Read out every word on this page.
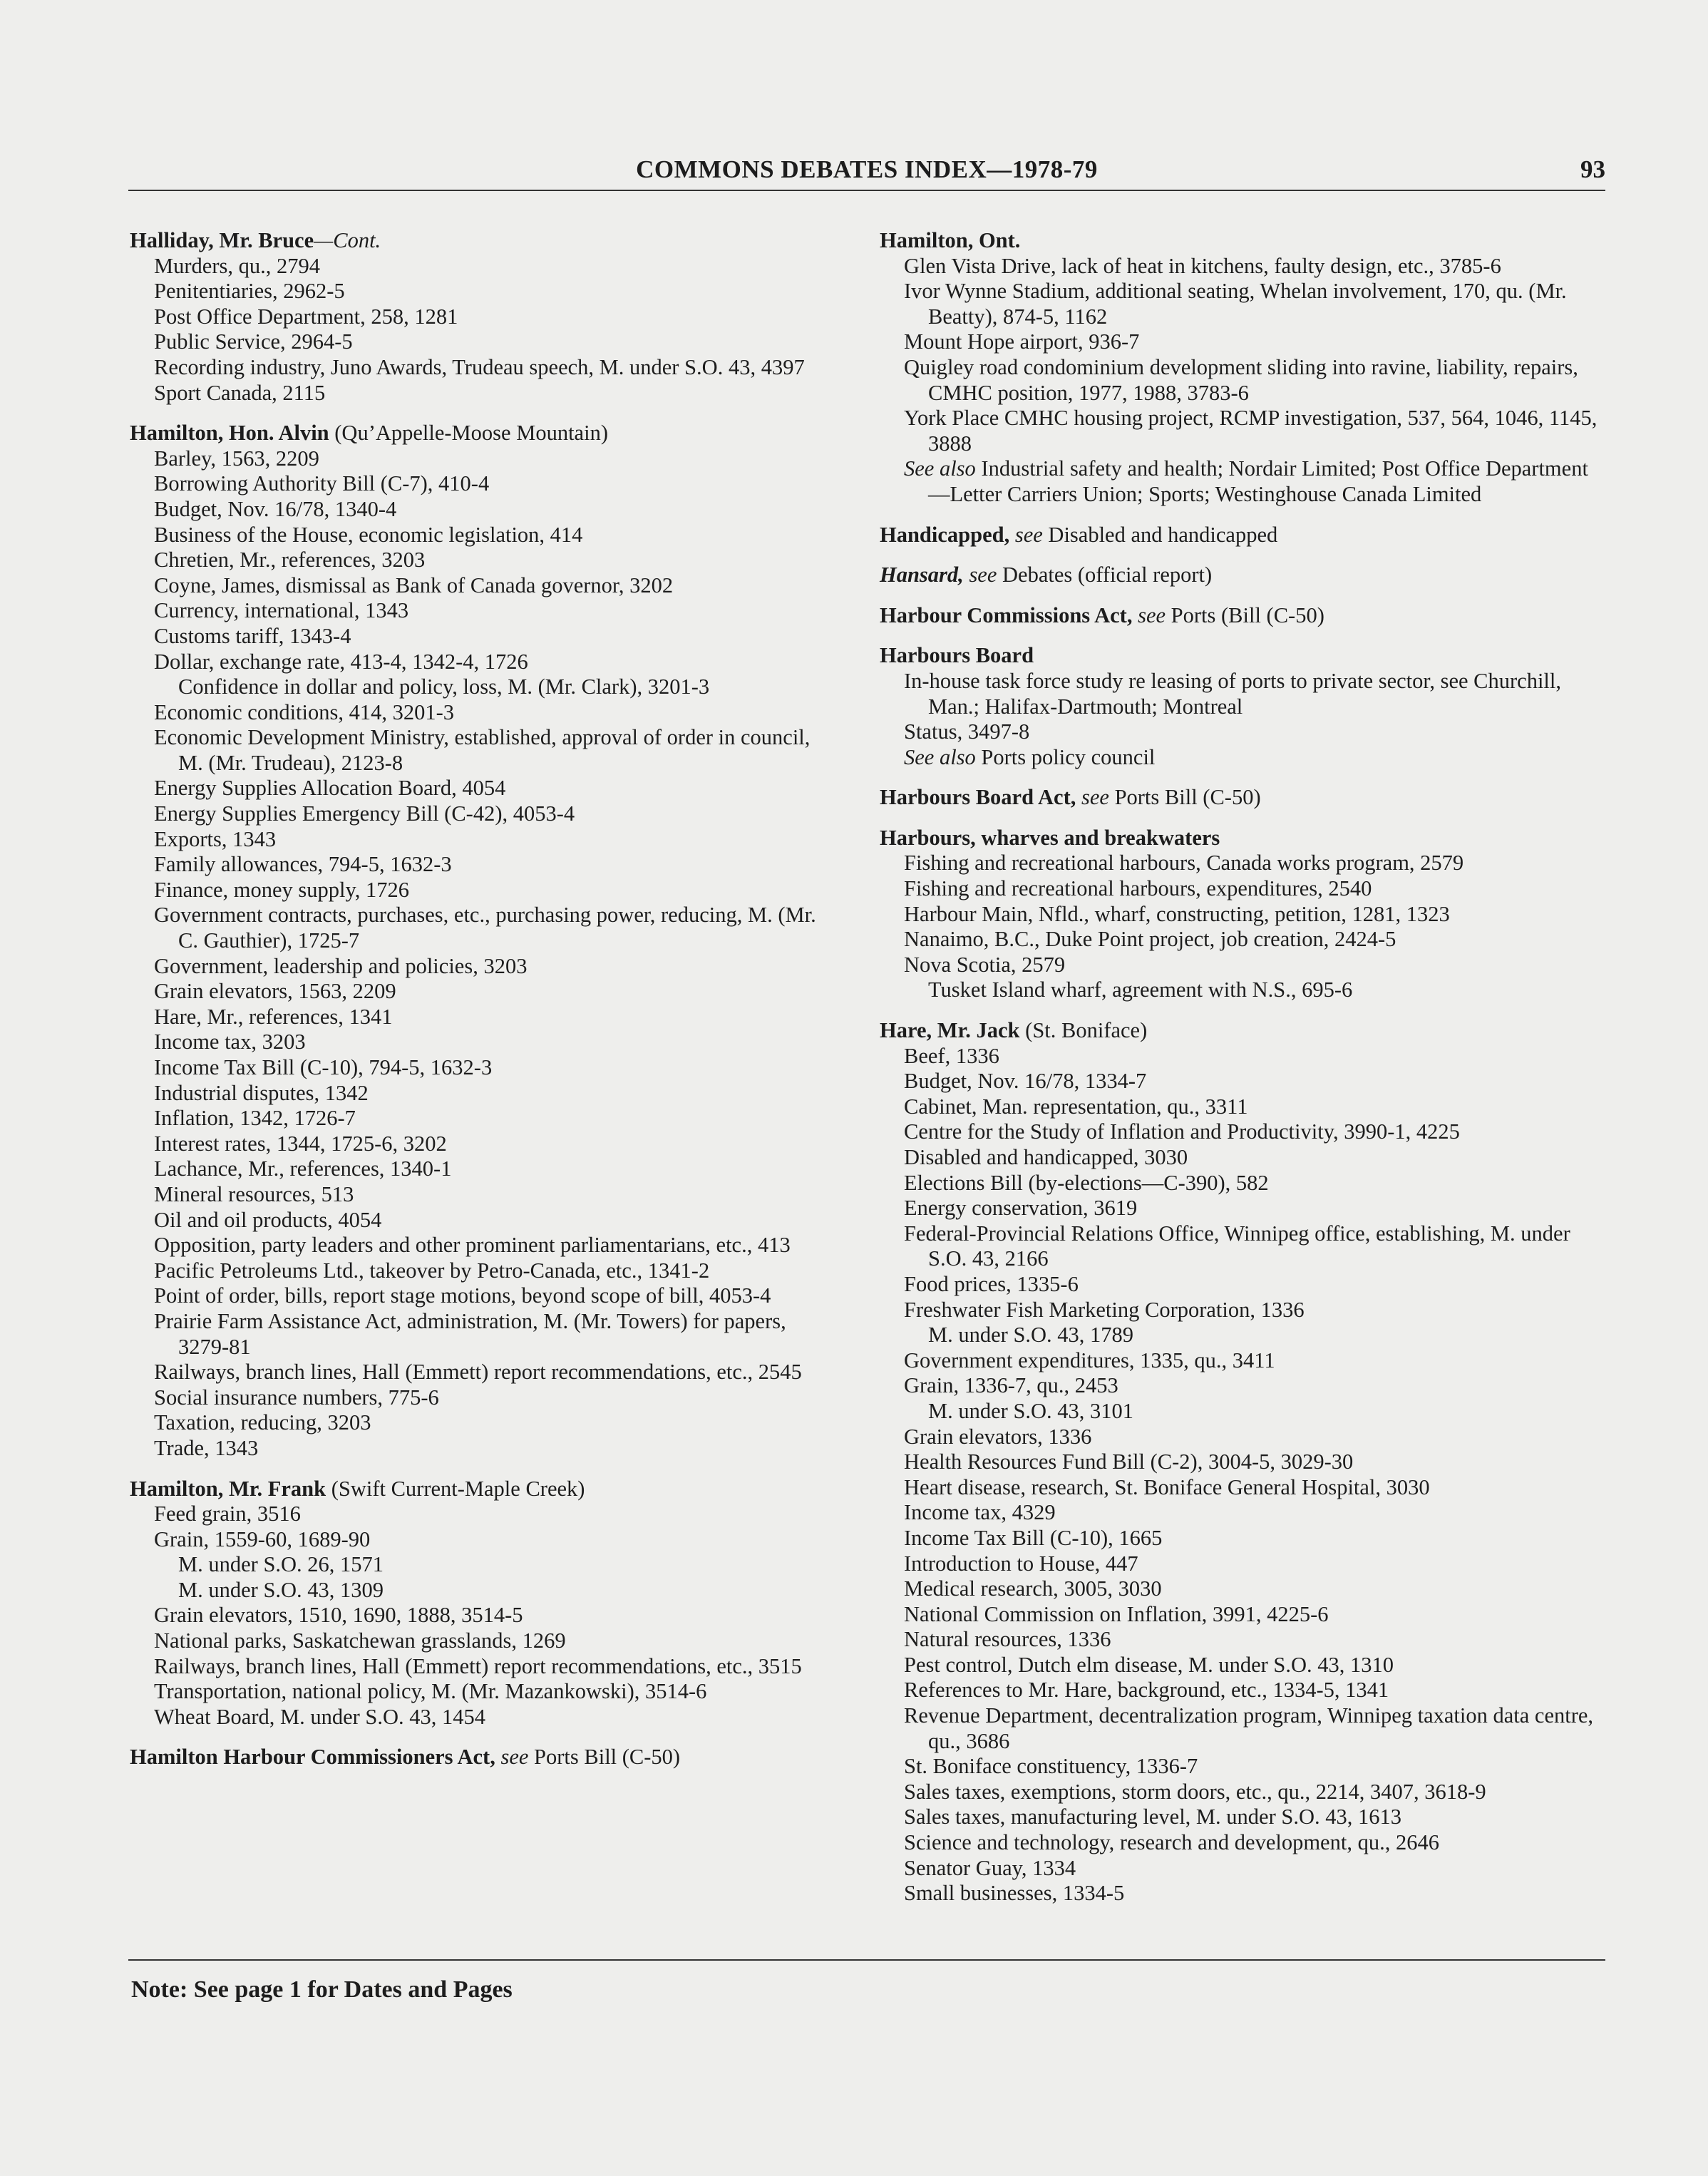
COMMONS DEBATES INDEX—1978-79	93
Halliday, Mr. Bruce—Cont.
Murders, qu., 2794
Penitentiaries, 2962-5
Post Office Department, 258, 1281
Public Service, 2964-5
Recording industry, Juno Awards, Trudeau speech, M. under S.O. 43, 4397
Sport Canada, 2115
Hamilton, Hon. Alvin (Qu’Appelle-Moose Mountain)
Barley, 1563, 2209
Borrowing Authority Bill (C-7), 410-4
Budget, Nov. 16/78, 1340-4
Business of the House, economic legislation, 414
Chretien, Mr., references, 3203
Coyne, James, dismissal as Bank of Canada governor, 3202
Currency, international, 1343
Customs tariff, 1343-4
Dollar, exchange rate, 413-4, 1342-4, 1726
Confidence in dollar and policy, loss, M. (Mr. Clark), 3201-3
Economic conditions, 414, 3201-3
Economic Development Ministry, established, approval of order in council, M. (Mr. Trudeau), 2123-8
Energy Supplies Allocation Board, 4054
Energy Supplies Emergency Bill (C-42), 4053-4
Exports, 1343
Family allowances, 794-5, 1632-3
Finance, money supply, 1726
Government contracts, purchases, etc., purchasing power, reducing, M. (Mr. C. Gauthier), 1725-7
Government, leadership and policies, 3203
Grain elevators, 1563, 2209
Hare, Mr., references, 1341
Income tax, 3203
Income Tax Bill (C-10), 794-5, 1632-3
Industrial disputes, 1342
Inflation, 1342, 1726-7
Interest rates, 1344, 1725-6, 3202
Lachance, Mr., references, 1340-1
Mineral resources, 513
Oil and oil products, 4054
Opposition, party leaders and other prominent parliamentarians, etc., 413
Pacific Petroleums Ltd., takeover by Petro-Canada, etc., 1341-2
Point of order, bills, report stage motions, beyond scope of bill, 4053-4
Prairie Farm Assistance Act, administration, M. (Mr. Towers) for papers, 3279-81
Railways, branch lines, Hall (Emmett) report recommendations, etc., 2545
Social insurance numbers, 775-6
Taxation, reducing, 3203
Trade, 1343
Hamilton, Mr. Frank (Swift Current-Maple Creek)
Feed grain, 3516
Grain, 1559-60, 1689-90
M. under S.O. 26, 1571
M. under S.O. 43, 1309
Grain elevators, 1510, 1690, 1888, 3514-5
National parks, Saskatchewan grasslands, 1269
Railways, branch lines, Hall (Emmett) report recommendations, etc., 3515
Transportation, national policy, M. (Mr. Mazankowski), 3514-6
Wheat Board, M. under S.O. 43, 1454
Hamilton Harbour Commissioners Act, see Ports Bill (C-50)
Hamilton, Ont.
Glen Vista Drive, lack of heat in kitchens, faulty design, etc., 3785-6
Ivor Wynne Stadium, additional seating, Whelan involvement, 170, qu. (Mr. Beatty), 874-5, 1162
Mount Hope airport, 936-7
Quigley road condominium development sliding into ravine, liability, repairs, CMHC position, 1977, 1988, 3783-6
York Place CMHC housing project, RCMP investigation, 537, 564, 1046, 1145, 3888
See also Industrial safety and health; Nordair Limited; Post Office Department—Letter Carriers Union; Sports; Westinghouse Canada Limited
Handicapped, see Disabled and handicapped
Hansard, see Debates (official report)
Harbour Commissions Act, see Ports (Bill (C-50)
Harbours Board
In-house task force study re leasing of ports to private sector, see Churchill, Man.; Halifax-Dartmouth; Montreal
Status, 3497-8
See also Ports policy council
Harbours Board Act, see Ports Bill (C-50)
Harbours, wharves and breakwaters
Fishing and recreational harbours, Canada works program, 2579
Fishing and recreational harbours, expenditures, 2540
Harbour Main, Nfld., wharf, constructing, petition, 1281, 1323
Nanaimo, B.C., Duke Point project, job creation, 2424-5
Nova Scotia, 2579
Tusket Island wharf, agreement with N.S., 695-6
Hare, Mr. Jack (St. Boniface)
Beef, 1336
Budget, Nov. 16/78, 1334-7
Cabinet, Man. representation, qu., 3311
Centre for the Study of Inflation and Productivity, 3990-1, 4225
Disabled and handicapped, 3030
Elections Bill (by-elections—C-390), 582
Energy conservation, 3619
Federal-Provincial Relations Office, Winnipeg office, establishing, M. under S.O. 43, 2166
Food prices, 1335-6
Freshwater Fish Marketing Corporation, 1336
M. under S.O. 43, 1789
Government expenditures, 1335, qu., 3411
Grain, 1336-7, qu., 2453
M. under S.O. 43, 3101
Grain elevators, 1336
Health Resources Fund Bill (C-2), 3004-5, 3029-30
Heart disease, research, St. Boniface General Hospital, 3030
Income tax, 4329
Income Tax Bill (C-10), 1665
Introduction to House, 447
Medical research, 3005, 3030
National Commission on Inflation, 3991, 4225-6
Natural resources, 1336
Pest control, Dutch elm disease, M. under S.O. 43, 1310
References to Mr. Hare, background, etc., 1334-5, 1341
Revenue Department, decentralization program, Winnipeg taxation data centre, qu., 3686
St. Boniface constituency, 1336-7
Sales taxes, exemptions, storm doors, etc., qu., 2214, 3407, 3618-9
Sales taxes, manufacturing level, M. under S.O. 43, 1613
Science and technology, research and development, qu., 2646
Senator Guay, 1334
Small businesses, 1334-5
Note: See page 1 for Dates and Pages
